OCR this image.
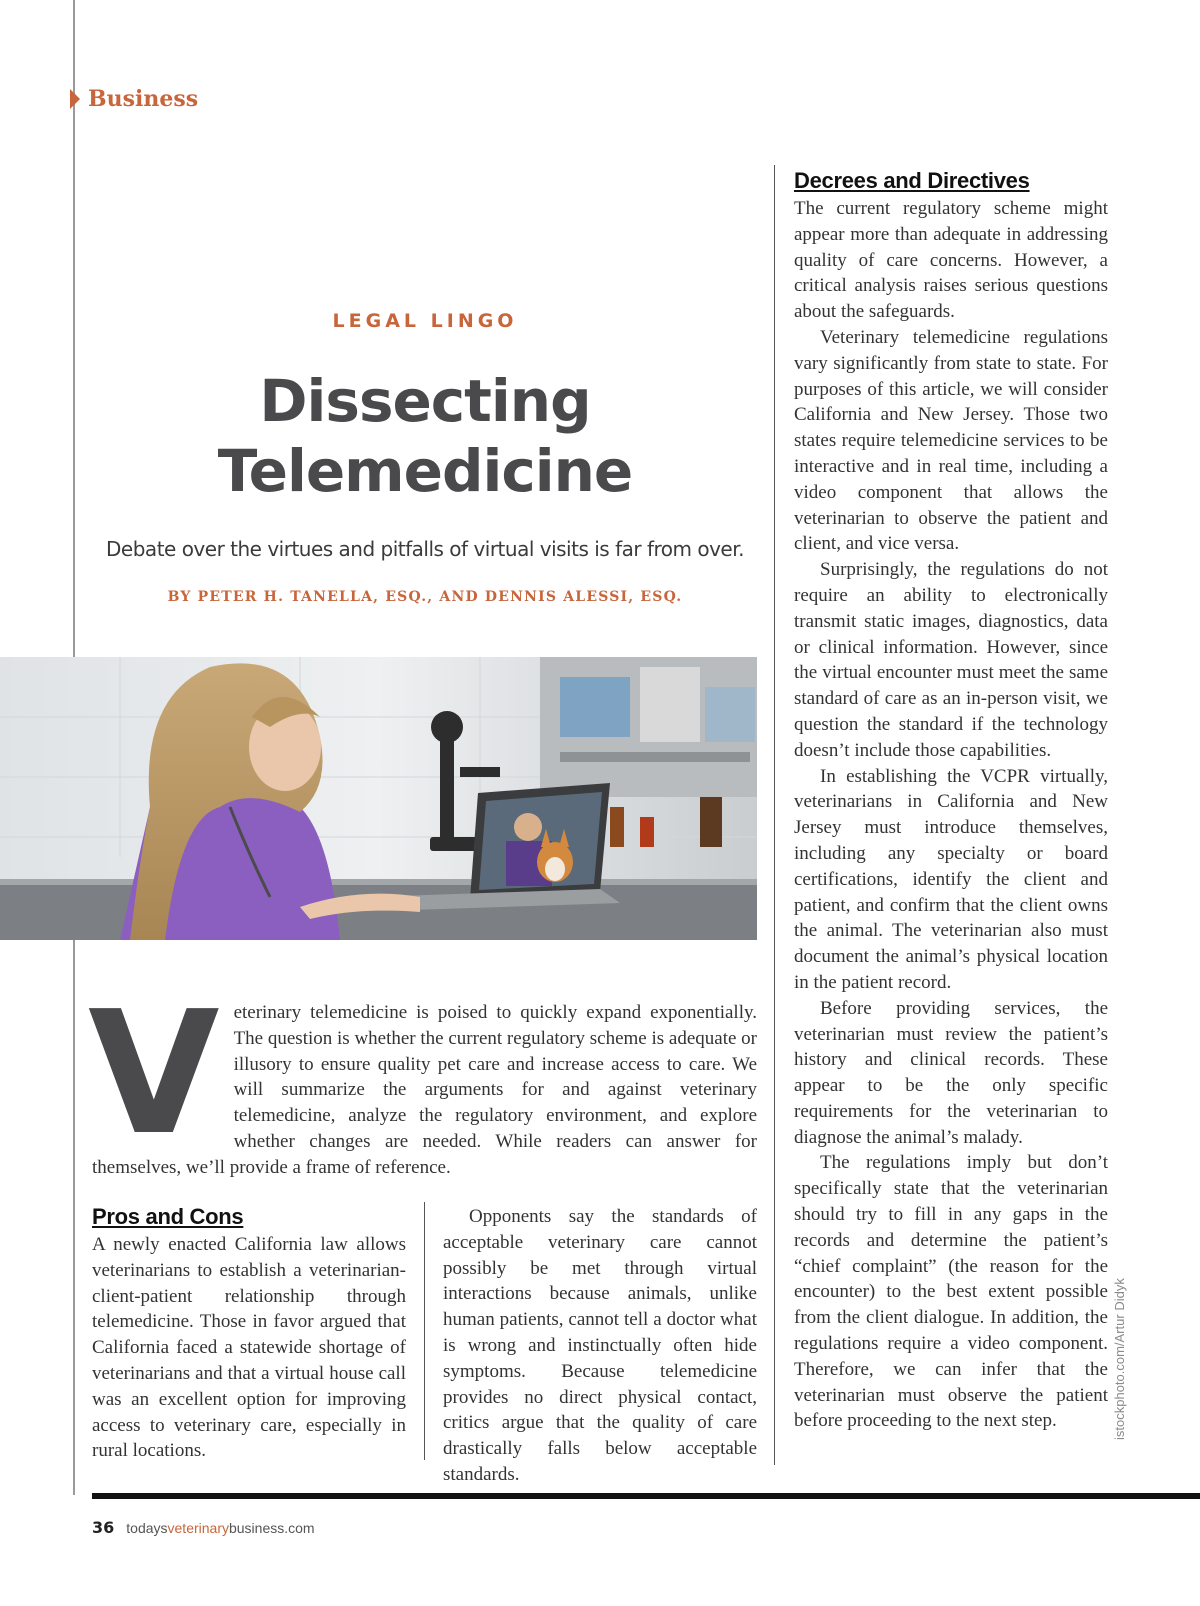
Business
LEGAL LINGO
Dissecting
Telemedicine
Debate over the virtues and pitfalls of virtual visits is far from over.
BY PETER H. TANELLA, ESQ., AND DENNIS ALESSI, ESQ.
V eterinary telemedicine is poised to quickly expand exponentially. The question is whether the current regulatory scheme is adequate or illusory to ensure quality pet care and increase access to care. We will summarize the arguments for and against veterinary telemedicine, analyze the regulatory environment, and explore whether changes are needed. While readers can answer for themselves, we’ll provide a frame of reference.

Pros and Cons

A newly enacted California law allows veterinarians to establish a veterinarian-client-patient relationship through telemedicine. Those in favor argued that California faced a statewide shortage of veterinarians and that a virtual house call was an excellent option for improving access to veterinary care, especially in rural locations.

Opponents say the standards of acceptable veterinary care cannot possibly be met through virtual interactions because animals, unlike human patients, cannot tell a doctor what is wrong and instinctually often hide symptoms. Because telemedicine provides no direct physical contact, critics argue that the quality of care drastically falls below acceptable standards.

Decrees and Directives

The current regulatory scheme might appear more than adequate in addressing quality of care concerns. However, a critical analysis raises serious questions about the safeguards.

Veterinary telemedicine regulations vary significantly from state to state. For purposes of this article, we will consider California and New Jersey. Those two states require telemedicine services to be interactive and in real time, including a video component that allows the veterinarian to observe the patient and client, and vice versa.

Surprisingly, the regulations do not require an ability to electronically transmit static images, diagnostics, data or clinical information. However, since the virtual encounter must meet the same standard of care as an in-person visit, we question the standard if the technology doesn’t include those capabilities.

In establishing the VCPR virtually, veterinarians in California and New Jersey must introduce themselves, including any specialty or board certifications, identify the client and patient, and confirm that the client owns the animal. The veterinarian also must document the animal’s physical location in the patient record.

Before providing services, the veterinarian must review the patient’s history and clinical records. These appear to be the only specific requirements for the veterinarian to diagnose the animal’s malady.

The regulations imply but don’t specifically state that the veterinarian should try to fill in any gaps in the records and determine the patient’s “chief complaint” (the reason for the encounter) to the best extent possible from the client dialogue. In addition, the regulations require a video component. Therefore, we can infer that the veterinarian must observe the patient before proceeding to the next step.	istockphoto.com/Artur Didyk
36 todaysveterinarybusiness.com
